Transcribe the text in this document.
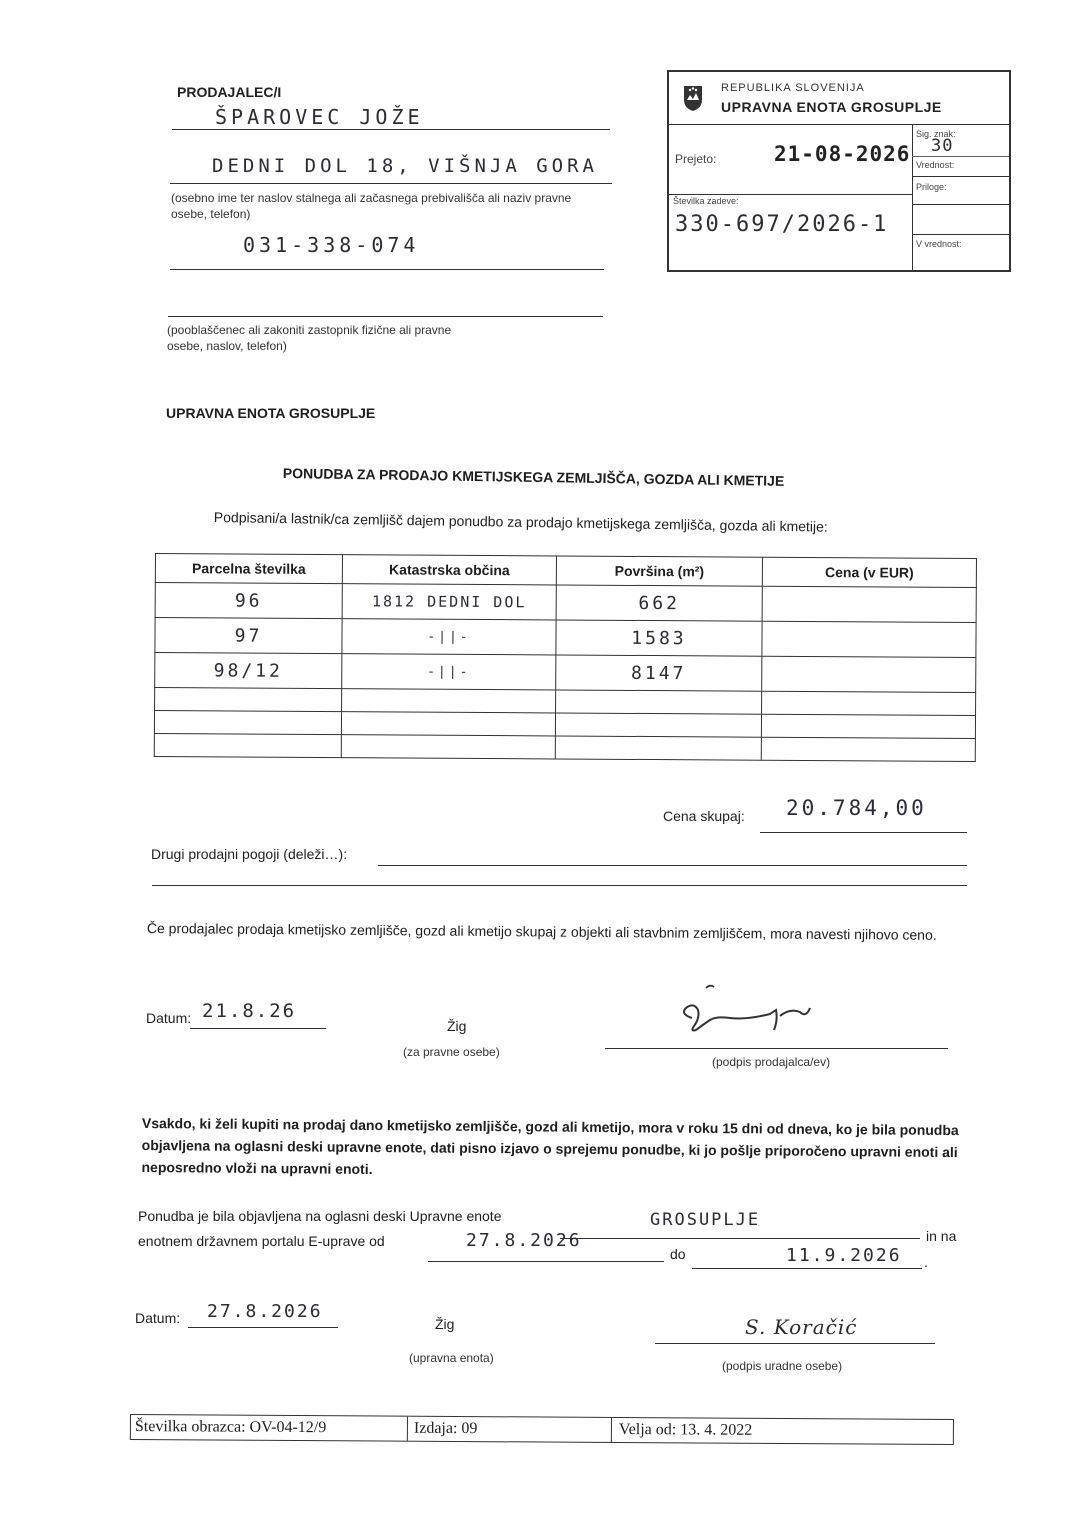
PRODAJALEC/I
ŠPAROVEC JOŽE
DEDNI DOL 18, VIŠNJA GORA
(osebno ime ter naslov stalnega ali začasnega prebivališča ali naziv pravne osebe, telefon)
031-338-074
(pooblaščenec ali zakoniti zastopnik fizične ali pravne osebe, naslov, telefon)
REPUBLIKA SLOVENIJA
UPRAVNA ENOTA GROSUPLJE
Prejeto:	21-08-2026
Sig. znak:
30
Vrednost:
Številka zadeve:
330-697/2026-1
Priloge:
V vrednost:
UPRAVNA ENOTA GROSUPLJE
PONUDBA ZA PRODAJO KMETIJSKEGA ZEMLJIŠČA, GOZDA ALI KMETIJE
Podpisani/a lastnik/ca zemljišč dajem ponudbo za prodajo kmetijskega zemljišča, gozda ali kmetije:
Parcelna številka	Katastrska občina	Površina (m²)	Cena (v EUR)
96	1812 DEDNI DOL	662	
97	-||-	1583	
98/12	-||-	8147	

Cena skupaj: 20.784,00
Drugi prodajni pogoji (deleži…):
Če prodajalec prodaja kmetijsko zemljišče, gozd ali kmetijo skupaj z objekti ali stavbnim zemljiščem, mora navesti njihovo ceno.
Datum: 21.8.26
Žig
(za pravne osebe)
(podpis prodajalca/ev)
Vsakdo, ki želi kupiti na prodaj dano kmetijsko zemljišče, gozd ali kmetijo, mora v roku 15 dni od dneva, ko je bila ponudba objavljena na oglasni deski upravne enote, dati pisno izjavo o sprejemu ponudbe, ki jo pošlje priporočeno upravni enoti ali neposredno vloži na upravni enoti.
Ponudba je bila objavljena na oglasni deski Upravne enote	GROSUPLJE
in na
enotnem državnem portalu E-uprave od	27.8.2026
do	11.9.2026 .
Datum: 27.8.2026
Žig
(upravna enota)
S. Koračić
(podpis uradne osebe)
Številka obrazca: OV-04-12/9	Izdaja: 09	Velja od: 13. 4. 2022
